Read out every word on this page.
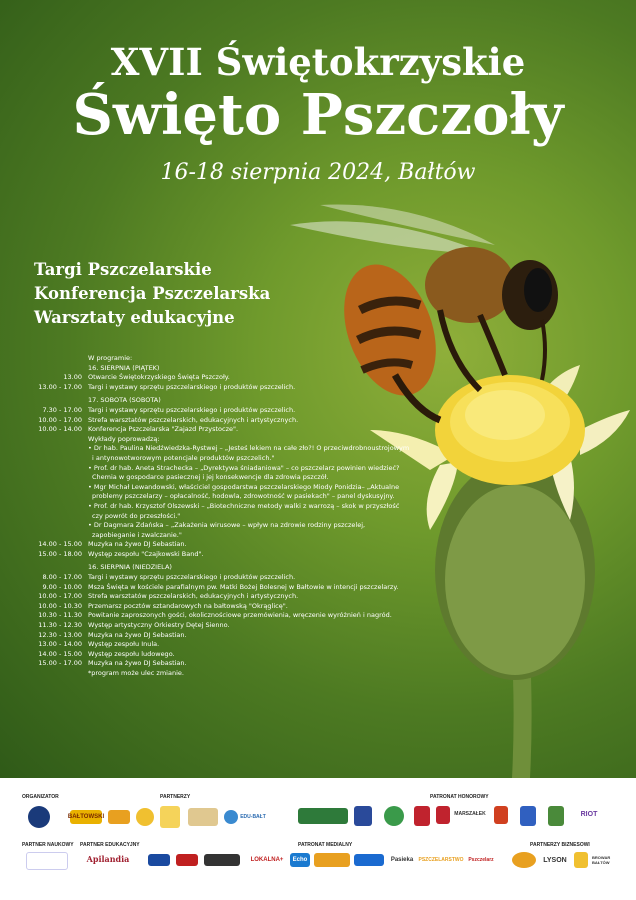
XVII Świętokrzyskie
Święto Pszczoły
16-18 sierpnia 2024, Bałtów
Targi Pszczelarskie
Konferencja Pszczelarska
Warsztaty edukacyjne
W programie:
16. SIERPNIA (PIĄTEK)
13.00 Otwarcie Świętokrzyskiego Święta Pszczoły.
13.00 - 17.00 Targi i wystawy sprzętu pszczelarskiego i produktów pszczelich.
17. SOBOTA (SOBOTA)
7.30 - 17.00 Targi i wystawy sprzętu pszczelarskiego i produktów pszczelich.
10.00 - 17.00 Strefa warsztatów pszczelarskich, edukacyjnych i artystycznych.
10.00 - 14.00 Konferencja Pszczelarska "Zajazd Przystocze".
Wykłady poprowadzą:
• Dr hab. Paulina Niedźwiedzka-Rystwej – „Jesteś lekiem na całe zło?! O przeciwdrobnoustrojowym i antynowotworowym potencjale produktów pszczelich."
• Prof. dr hab. Aneta Strachecka – „Dyrektywa śniadaniowa" – co pszczelarz powinien wiedzieć? Chemia w gospodarce pasiecznej i jej konsekwencje dla zdrowia pszczół.
• Mgr Michał Lewandowski, właściciel gospodarstwa pszczelarskiego Miody Ponidzia– „Aktualne problemy pszczelarzy – opłacalność, hodowla, zdrowotność w pasiekach" – panel dyskusyjny.
• Prof. dr hab. Krzysztof Olszewski – „Biotechniczne metody walki z warrozą – skok w przyszłość czy powrót do przeszłości."
• Dr Dagmara Zdańska – „Zakażenia wirusowe – wpływ na zdrowie rodziny pszczelej, zapobieganie i zwalczanie."
14.00 - 15.00 Muzyka na żywo DJ Sebastian.
15.00 - 18.00 Występ zespołu "Czajkowski Band".
16. SIERPNIA (NIEDZIELA)
8.00 - 17.00 Targi i wystawy sprzętu pszczelarskiego i produktów pszczelich.
9.00 - 10.00 Msza Święta w kościele parafialnym pw. Matki Bożej Bolesnej w Bałtowie w intencji pszczelarzy.
10.00 - 17.00 Strefa warsztatów pszczelarskich, edukacyjnych i artystycznych.
10.00 - 10.30 Przemarsz pocztów sztandarowych na bałtowską "Okrąglicę".
10.30 - 11.30 Powitanie zaproszonych gości, okolicznościowe przemówienia, wręczenie wyróżnień i nagród.
11.30 - 12.30 Występ artystyczny Orkiestry Dętej Sienno.
12.30 - 13.00 Muzyka na żywo DJ Sebastian.
13.00 - 14.00 Występ zespołu Inula.
14.00 - 15.00 Występ zespołu ludowego.
15.00 - 17.00 Muzyka na żywo DJ Sebastian.
*program może ulec zmianie.
ORGANIZATOR	PARTNERZY	PATRONAT HONOROWY
PARTNER NAUKOWY PARTNER EDUKACYJNY	PATRONAT MEDIALNY	PARTNERZY BIZNESOWI
BAŁTOWSKI	EDU-BAŁT	MARSZAŁEK	RIOT
Apilandia	LOKALNA+	Echo	Pasieka	PSZCZELARSTWO Pszczelarz	LYSON	BROWAR BAŁTÓW
